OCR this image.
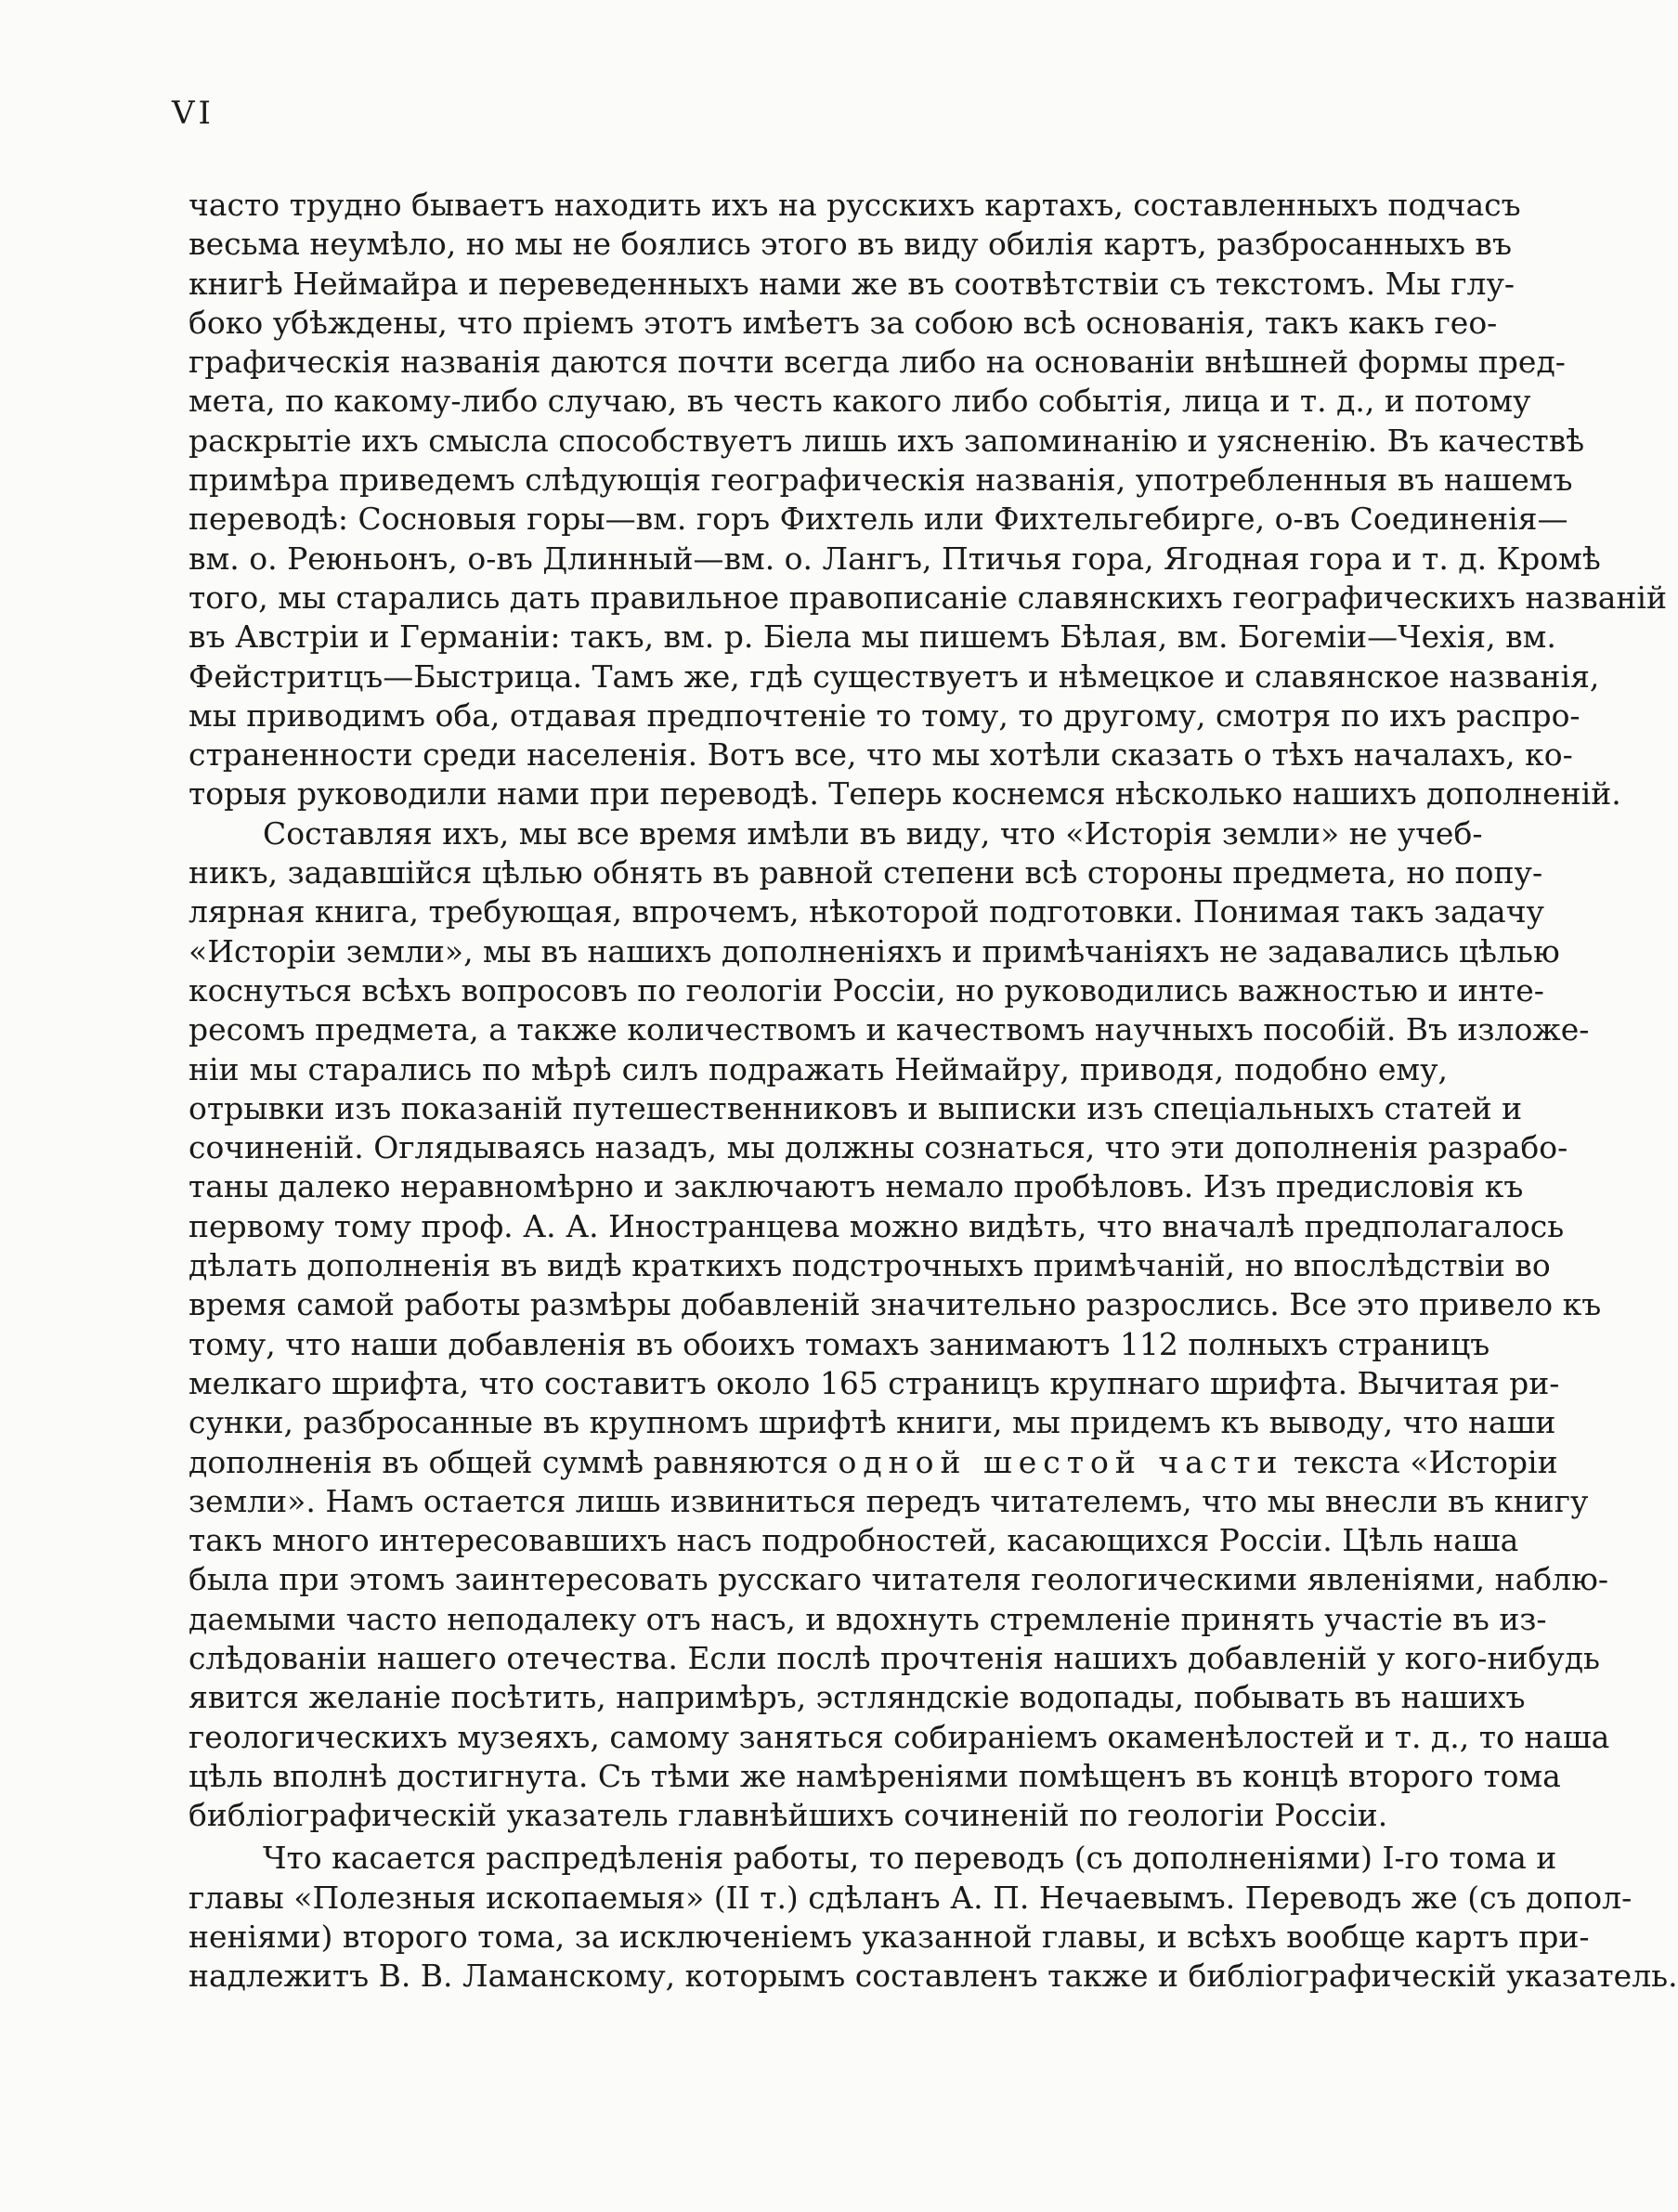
VI
часто трудно бываетъ находить ихъ на русскихъ картахъ, составленныхъ подчасъ
весьма неумѣло, но мы не боялись этого въ виду обилія картъ, разбросанныхъ въ
книгѣ Неймайра и переведенныхъ нами же въ соотвѣтствіи съ текстомъ. Мы глу-
боко убѣждены, что пріемъ этотъ имѣетъ за собою всѣ основанія, такъ какъ гео-
графическія названія даются почти всегда либо на основаніи внѣшней формы пред-
мета, по какому-либо случаю, въ честь какого либо событія, лица и т. д., и потому
раскрытіе ихъ смысла способствуетъ лишь ихъ запоминанію и уясненію. Въ качествѣ
примѣра приведемъ слѣдующія географическія названія, употребленныя въ нашемъ
переводѣ: Сосновыя горы—вм. горъ Фихтель или Фихтельгебирге, о-въ Соединенія—
вм. о. Реюньонъ, о-въ Длинный—вм. о. Лангъ, Птичья гора, Ягодная гора и т. д. Кромѣ
того, мы старались дать правильное правописаніе славянскихъ географическихъ названій
въ Австріи и Германіи: такъ, вм. р. Біела мы пишемъ Бѣлая, вм. Богеміи—Чехія, вм.
Фейстритцъ—Быстрица. Тамъ же, гдѣ существуетъ и нѣмецкое и славянское названія,
мы приводимъ оба, отдавая предпочтеніе то тому, то другому, смотря по ихъ распро-
страненности среди населенія. Вотъ все, что мы хотѣли сказать о тѣхъ началахъ, ко-
торыя руководили нами при переводѣ. Теперь коснемся нѣсколько нашихъ дополненій.
Составляя ихъ, мы все время имѣли въ виду, что «Исторія земли» не учеб-
никъ, задавшійся цѣлью обнять въ равной степени всѣ стороны предмета, но попу-
лярная книга, требующая, впрочемъ, нѣкоторой подготовки. Понимая такъ задачу
«Исторіи земли», мы въ нашихъ дополненіяхъ и примѣчаніяхъ не задавались цѣлью
коснуться всѣхъ вопросовъ по геологіи Россіи, но руководились важностью и инте-
ресомъ предмета, а также количествомъ и качествомъ научныхъ пособій. Въ изложе-
ніи мы старались по мѣрѣ силъ подражать Неймайру, приводя, подобно ему,
отрывки изъ показаній путешественниковъ и выписки изъ спеціальныхъ статей и
сочиненій. Оглядываясь назадъ, мы должны сознаться, что эти дополненія разрабо-
таны далеко неравномѣрно и заключаютъ немало пробѣловъ. Изъ предисловія къ
первому тому проф. А. А. Иностранцева можно видѣть, что вначалѣ предполагалось
дѣлать дополненія въ видѣ краткихъ подстрочныхъ примѣчаній, но впослѣдствіи во
время самой работы размѣры добавленій значительно разрослись. Все это привело къ
тому, что наши добавленія въ обоихъ томахъ занимаютъ 112 полныхъ страницъ
мелкаго шрифта, что составитъ около 165 страницъ крупнаго шрифта. Вычитая ри-
сунки, разбросанные въ крупномъ шрифтѣ книги, мы придемъ къ выводу, что наши
дополненія въ общей суммѣ равняются одной шестой части текста «Исторіи
земли». Намъ остается лишь извиниться передъ читателемъ, что мы внесли въ книгу
такъ много интересовавшихъ насъ подробностей, касающихся Россіи. Цѣль наша
была при этомъ заинтересовать русскаго читателя геологическими явленіями, наблю-
даемыми часто неподалеку отъ насъ, и вдохнуть стремленіе принять участіе въ из-
слѣдованіи нашего отечества. Если послѣ прочтенія нашихъ добавленій у кого-нибудь
явится желаніе посѣтить, напримѣръ, эстляндскіе водопады, побывать въ нашихъ
геологическихъ музеяхъ, самому заняться собираніемъ окаменѣлостей и т. д., то наша
цѣль вполнѣ достигнута. Съ тѣми же намѣреніями помѣщенъ въ концѣ второго тома
библіографическій указатель главнѣйшихъ сочиненій по геологіи Россіи.
Что касается распредѣленія работы, то переводъ (съ дополненіями) I-го тома и
главы «Полезныя ископаемыя» (II т.) сдѣланъ А. П. Нечаевымъ. Переводъ же (съ допол-
неніями) второго тома, за исключеніемъ указанной главы, и всѣхъ вообще картъ при-
надлежитъ В. В. Ламанскому, которымъ составленъ также и библіографическій указатель.
